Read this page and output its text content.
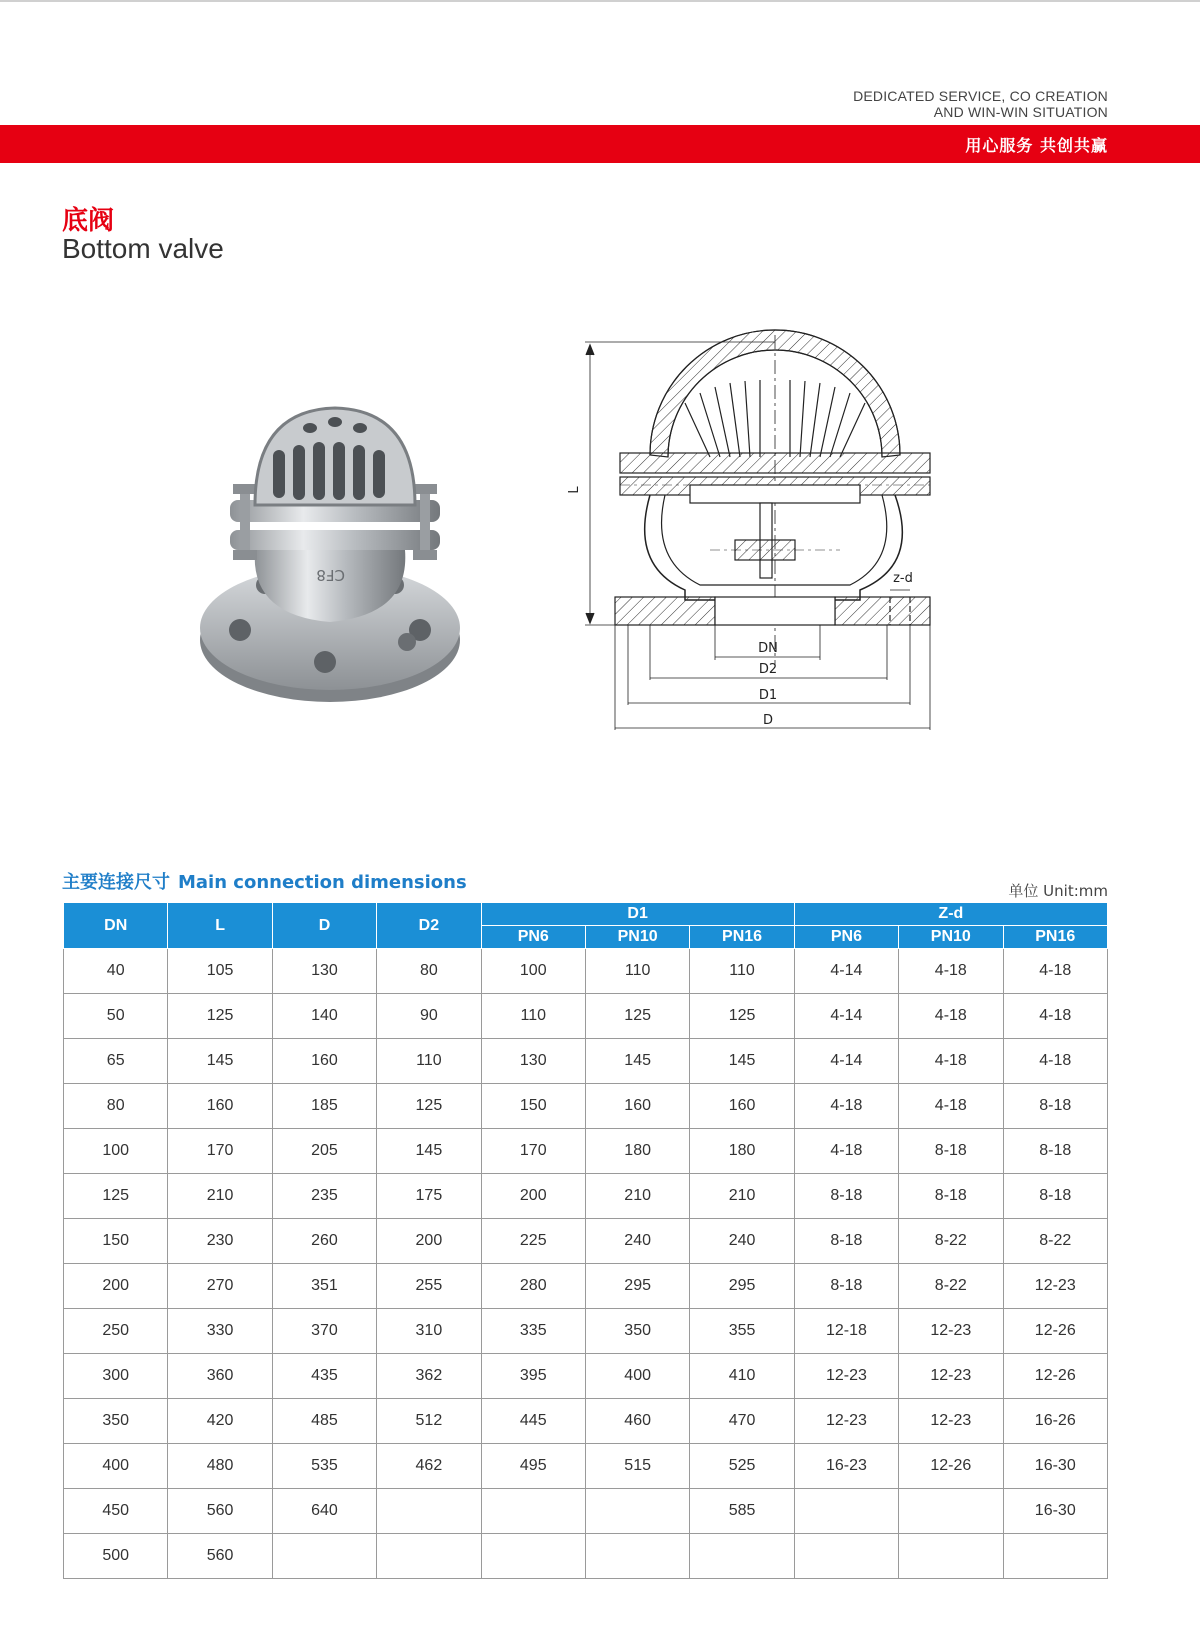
DEDICATED SERVICE, CO CREATION
AND WIN-WIN SITUATION
用心服务 共创共赢
底阀
Bottom valve
CF8
L
z-d
DN
D2
D1
D
主要连接尺寸 Main connection dimensions	单位 Unit:mm
DN	L	D	D2	D1			Z-d		
				PN6	PN10	PN16	PN6	PN10	PN16
40	105	130	80	100	110	110	4-14	4-18	4-18
50	125	140	90	110	125	125	4-14	4-18	4-18
65	145	160	110	130	145	145	4-14	4-18	4-18
80	160	185	125	150	160	160	4-18	4-18	8-18
100	170	205	145	170	180	180	4-18	8-18	8-18
125	210	235	175	200	210	210	8-18	8-18	8-18
150	230	260	200	225	240	240	8-18	8-22	8-22
200	270	351	255	280	295	295	8-18	8-22	12-23
250	330	370	310	335	350	355	12-18	12-23	12-26
300	360	435	362	395	400	410	12-23	12-23	12-26
350	420	485	512	445	460	470	12-23	12-23	16-26
400	480	535	462	495	515	525	16-23	12-26	16-30
450	560	640				585			16-30
500	560								
